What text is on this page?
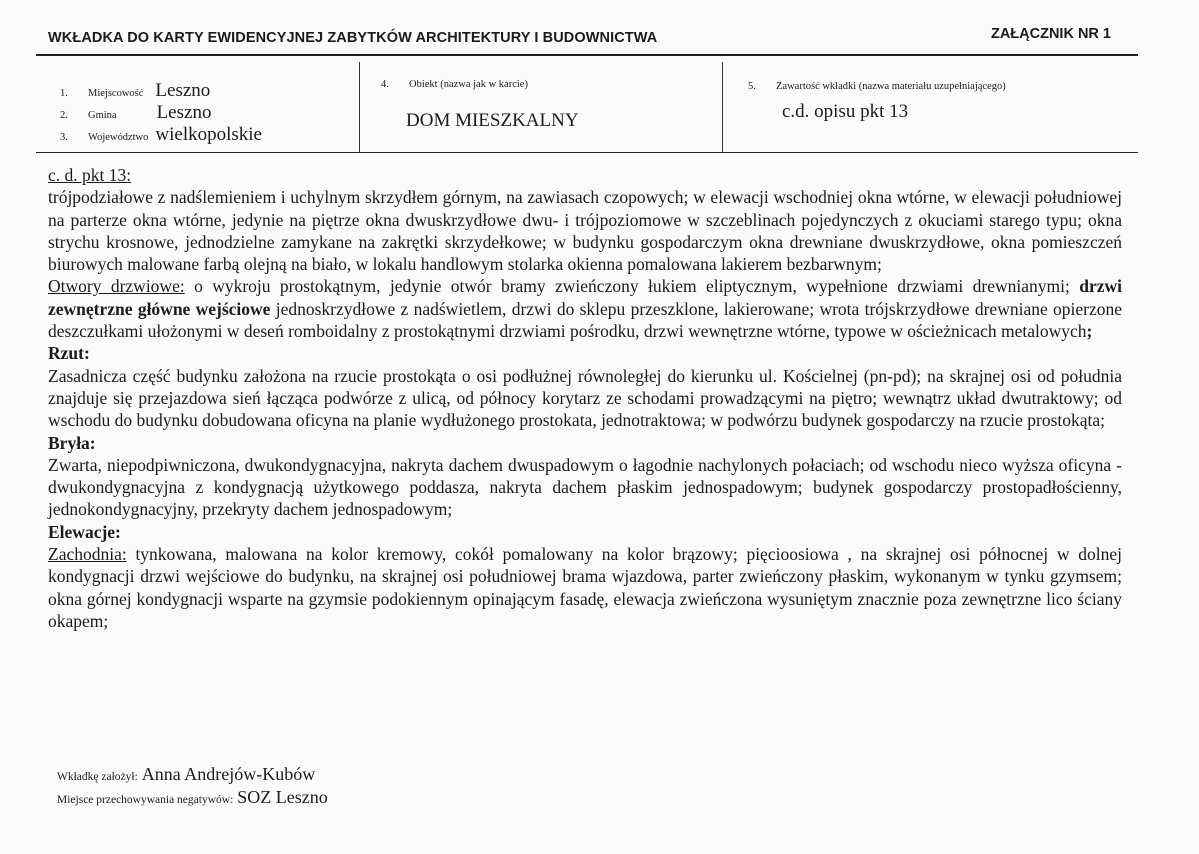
WKŁADKA DO KARTY EWIDENCYJNEJ ZABYTKÓW ARCHITEKTURY I BUDOWNICTWA	ZAŁĄCZNIK NR 1
1. Miejscowość Leszno
2. Gmina Leszno
3. Województwo wielkopolskie
4. Obiekt (nazwa jak w karcie)
DOM MIESZKALNY
5. Zawartość wkładki (nazwa materiału uzupełniającego)
c.d. opisu pkt 13

c. d. pkt 13:

trójpodziałowe z nadślemieniem i uchylnym skrzydłem górnym, na zawiasach czopowych; w elewacji wschodniej okna wtórne, w elewacji południowej na parterze okna wtórne, jedynie na piętrze okna dwuskrzydłowe dwu- i trójpoziomowe w szczeblinach pojedynczych z okuciami starego typu; okna strychu krosnowe, jednodzielne zamykane na zakrętki skrzydełkowe; w budynku gospodarczym okna drewniane dwuskrzydłowe, okna pomieszczeń biurowych malowane farbą olejną na biało, w lokalu handlowym stolarka okienna pomalowana lakierem bezbarwnym;

Otwory drzwiowe: o wykroju prostokątnym, jedynie otwór bramy zwieńczony łukiem eliptycznym, wypełnione drzwiami drewnianymi; drzwi zewnętrzne główne wejściowe jednoskrzydłowe z nadświetlem, drzwi do sklepu przeszklone, lakierowane; wrota trójskrzydłowe drewniane opierzone deszczułkami ułożonymi w deseń romboidalny z prostokątnymi drzwiami pośrodku, drzwi wewnętrzne wtórne, typowe w ościeżnicach metalowych;

Rzut:

Zasadnicza część budynku założona na rzucie prostokąta o osi podłużnej równoległej do kierunku ul. Kościelnej (pn-pd); na skrajnej osi od południa znajduje się przejazdowa sień łącząca podwórze z ulicą, od północy korytarz ze schodami prowadzącymi na piętro; wewnątrz układ dwutraktowy; od wschodu do budynku dobudowana oficyna na planie wydłużonego prostokata, jednotraktowa; w podwórzu budynek gospodarczy na rzucie prostokąta;

Bryła:

Zwarta, niepodpiwniczona, dwukondygnacyjna, nakryta dachem dwuspadowym o łagodnie nachylonych połaciach; od wschodu nieco wyższa oficyna -dwukondygnacyjna z kondygnacją użytkowego poddasza, nakryta dachem płaskim jednospadowym; budynek gospodarczy prostopadłościenny, jednokondygnacyjny, przekryty dachem jednospadowym;

Elewacje:

Zachodnia: tynkowana, malowana na kolor kremowy, cokół pomalowany na kolor brązowy; pięcioosiowa , na skrajnej osi północnej w dolnej kondygnacji drzwi wejściowe do budynku, na skrajnej osi południowej brama wjazdowa, parter zwieńczony płaskim, wykonanym w tynku gzymsem; okna górnej kondygnacji wsparte na gzymsie podokiennym opinającym fasadę, elewacja zwieńczona wysuniętym znacznie poza zewnętrzne lico ściany okapem;

Wkładkę założył: Anna Andrejów-Kubów
Miejsce przechowywania negatywów: SOZ Leszno
